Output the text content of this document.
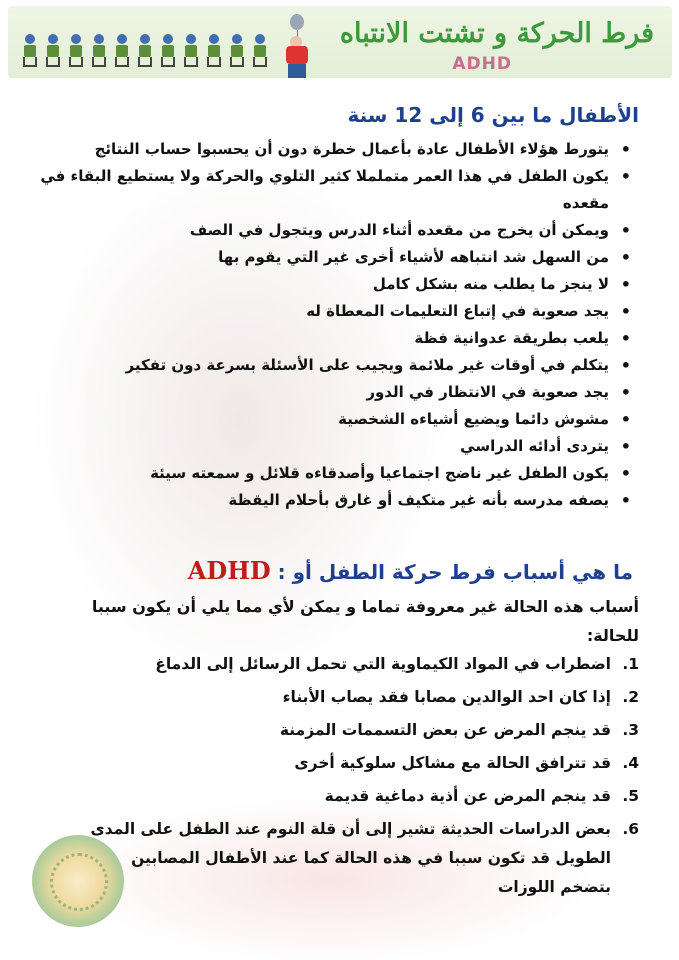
فرط الحركة و تشتت الانتباه
ADHD
الأطفال ما بين 6 إلى 12 سنة
• يتورط هؤلاء الأطفال عادة بأعمال خطرة دون أن يحسبوا حساب النتائج
• يكون الطفل في هذا العمر متململا كثير التلوي والحركة ولا يستطيع البقاء في مقعده
• ويمكن أن يخرج من مقعده أثناء الدرس ويتجول في الصف
• من السهل شد انتباهه لأشياء أخرى غير التي يقوم بها
• لا ينجز ما يطلب منه بشكل كامل
• يجد صعوبة في إتباع التعليمات المعطاة له
• يلعب بطريقة عدوانية فظة
• يتكلم في أوقات غير ملائمة ويجيب على الأسئلة بسرعة دون تفكير
• يجد صعوبة في الانتظار في الدور
• مشوش دائما ويضيع أشياءه الشخصية
• يتردى أدائه الدراسي
• يكون الطفل غير ناضج اجتماعيا وأصدقاءه قلائل و سمعته سيئة
• يصفه مدرسه بأنه غير متكيف أو غارق بأحلام اليقظة
ما هي أسباب فرط حركة الطفل أو : ADHD
أسباب هذه الحالة غير معروفة تماما و يمكن لأي مما يلي أن يكون سببا للحالة:
1.
اضطراب في المواد الكيماوية التي تحمل الرسائل إلى الدماغ
2.
إذا كان احد الوالدين مصابا فقد يصاب الأبناء
3.
قد ينجم المرض عن بعض التسممات المزمنة
4.
قد تترافق الحالة مع مشاكل سلوكية أخرى
5.
قد ينجم المرض عن أذية دماغية قديمة
6.
بعض الدراسات الحديثة تشير إلى أن قلة النوم عند الطفل على المدى الطويل قد تكون سببا في هذه الحالة كما عند الأطفال المصابين بتضخم اللوزات
